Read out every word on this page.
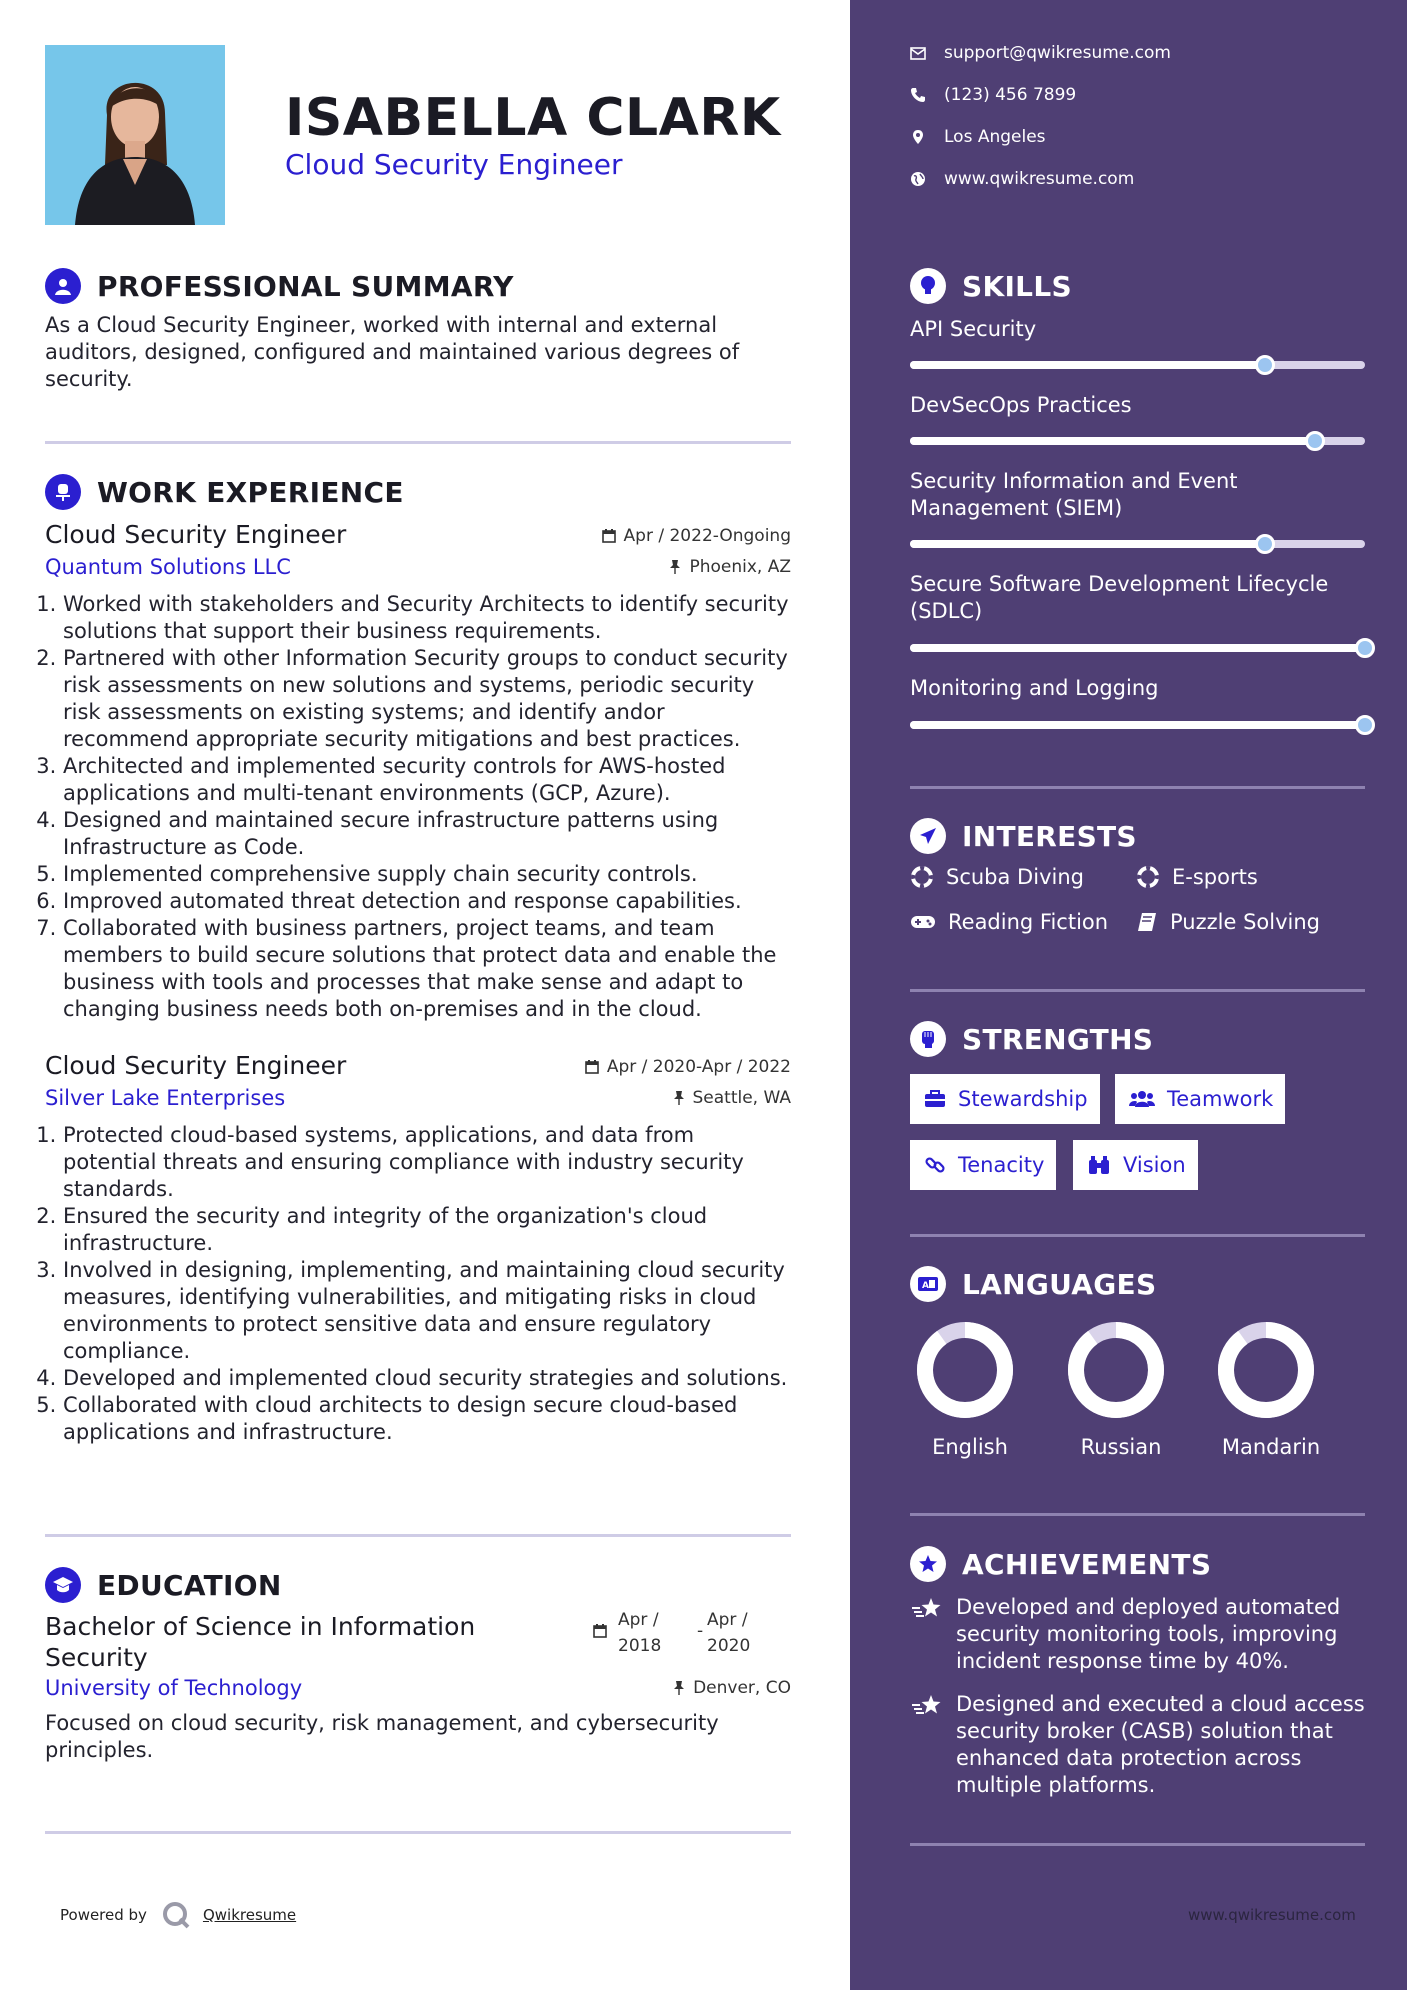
ISABELLA CLARK
Cloud Security Engineer
PROFESSIONAL SUMMARY
As a Cloud Security Engineer, worked with internal and external auditors, designed, configured and maintained various degrees of security.
WORK EXPERIENCE
Cloud Security Engineer	Apr / 2022-Ongoing
Quantum Solutions LLC	Phoenix, AZ
1. Worked with stakeholders and Security Architects to identify security solutions that support their business requirements.
2. Partnered with other Information Security groups to conduct security risk assessments on new solutions and systems, periodic security risk assessments on existing systems; and identify andor recommend appropriate security mitigations and best practices.
3. Architected and implemented security controls for AWS-hosted applications and multi-tenant environments (GCP, Azure).
4. Designed and maintained secure infrastructure patterns using Infrastructure as Code.
5. Implemented comprehensive supply chain security controls.
6. Improved automated threat detection and response capabilities.
7. Collaborated with business partners, project teams, and team members to build secure solutions that protect data and enable the business with tools and processes that make sense and adapt to changing business needs both on-premises and in the cloud.
Cloud Security Engineer	Apr / 2020-Apr / 2022
Silver Lake Enterprises	Seattle, WA
1. Protected cloud-based systems, applications, and data from potential threats and ensuring compliance with industry security standards.
2. Ensured the security and integrity of the organization's cloud infrastructure.
3. Involved in designing, implementing, and maintaining cloud security measures, identifying vulnerabilities, and mitigating risks in cloud environments to protect sensitive data and ensure regulatory compliance.
4. Developed and implemented cloud security strategies and solutions.
5. Collaborated with cloud architects to design secure cloud-based applications and infrastructure.
EDUCATION
Bachelor of Science in Information Security
Apr /
2018
-
Apr /
2020
University of Technology	Denver, CO
Focused on cloud security, risk management, and cybersecurity principles.
Powered by	Qwikresume
support@qwikresume.com
(123) 456 7899
Los Angeles
www.qwikresume.com
SKILLS
API Security
DevSecOps Practices
Security Information and Event Management (SIEM)
Secure Software Development Lifecycle (SDLC)
Monitoring and Logging
INTERESTS
Scuba Diving	E-sports
Reading Fiction	Puzzle Solving
STRENGTHS
Stewardship	Teamwork
Tenacity	Vision
A LANGUAGES
English	Russian	Mandarin
ACHIEVEMENTS
Developed and deployed automated security monitoring tools, improving incident response time by 40%.
Designed and executed a cloud access security broker (CASB) solution that enhanced data protection across multiple platforms.
www.qwikresume.com
